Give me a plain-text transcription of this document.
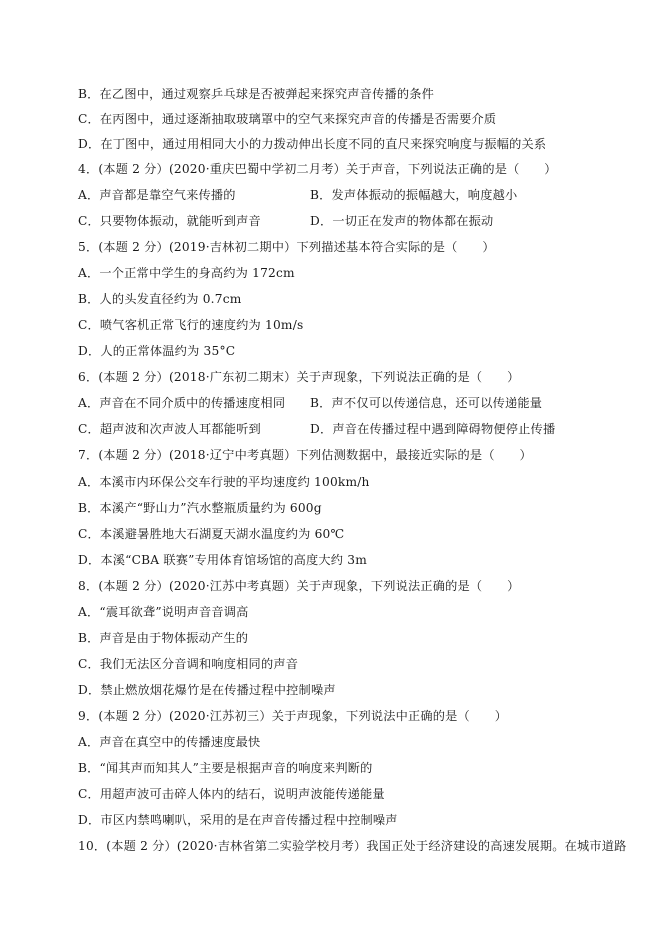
B．在乙图中，通过观察乒乓球是否被弹起来探究声音传播的条件
C．在丙图中，通过逐渐抽取玻璃罩中的空气来探究声音的传播是否需要介质
D．在丁图中，通过用相同大小的力拨动伸出长度不同的直尺来探究响度与振幅的关系
4．(本题 2 分）(2020·重庆巴蜀中学初二月考）关于声音，下列说法正确的是（　　）
A．声音都是靠空气来传播的	B．发声体振动的振幅越大，响度越小
C．只要物体振动，就能听到声音	D．一切正在发声的物体都在振动
5．(本题 2 分）(2019·吉林初二期中）下列描述基本符合实际的是（　　）
A．一个正常中学生的身高约为 172cm
B．人的头发直径约为 0.7cm
C．喷气客机正常飞行的速度约为 10m/s
D．人的正常体温约为 35°C
6．(本题 2 分）(2018·广东初二期末）关于声现象，下列说法正确的是（　　）
A．声音在不同介质中的传播速度相同 B．声不仅可以传递信息，还可以传递能量
C．超声波和次声波人耳都能听到	D．声音在传播过程中遇到障碍物便停止传播
7．(本题 2 分）(2018·辽宁中考真题）下列估测数据中，最接近实际的是（　　）
A．本溪市内环保公交车行驶的平均速度约 100km/h
B．本溪产“野山力”汽水整瓶质量约为 600g
C．本溪避暑胜地大石湖夏天湖水温度约为 60℃
D．本溪“CBA 联赛”专用体育馆场馆的高度大约 3m
8．(本题 2 分）(2020·江苏中考真题）关于声现象，下列说法正确的是（　　）
A．“震耳欲聋”说明声音音调高
B．声音是由于物体振动产生的
C．我们无法区分音调和响度相同的声音
D．禁止燃放烟花爆竹是在传播过程中控制噪声
9．(本题 2 分）(2020·江苏初三）关于声现象，下列说法中正确的是（　　）
A．声音在真空中的传播速度最快
B．“闻其声而知其人”主要是根据声音的响度来判断的
C．用超声波可击碎人体内的结石，说明声波能传递能量
D．市区内禁鸣喇叭，采用的是在声音传播过程中控制噪声
10．(本题 2 分）(2020·吉林省第二实验学校月考）我国正处于经济建设的高速发展期。在城市道路
